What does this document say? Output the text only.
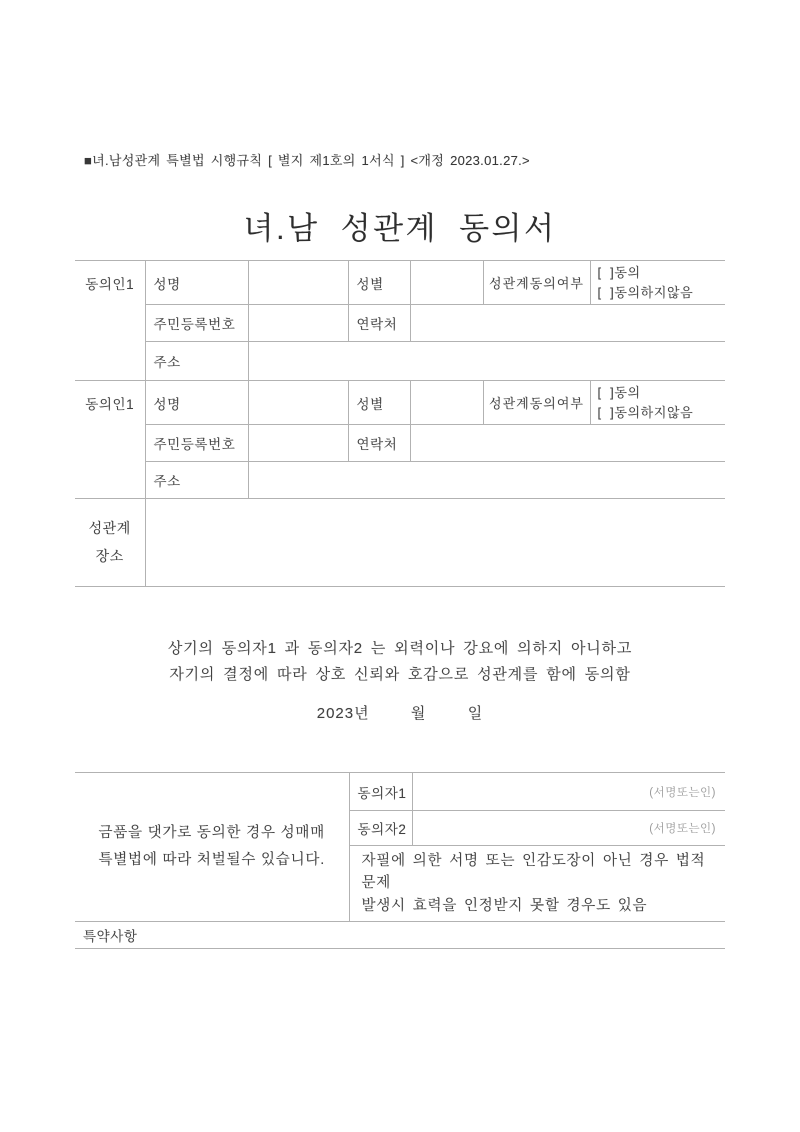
■녀.남성관계 특별법 시행규칙 [ 별지 제1호의 1서식 ] <개정 2023.01.27.>
녀.남 성관계 동의서
동의인1	성명		성별		성관계동의여부	[  ]동의
[  ]동의하지않음

	주민등록번호		연락처			
	주소					
동의인1	성명		성별		성관계동의여부	[  ]동의
[  ]동의하지않음

	주민등록번호		연락처			
	주소					

성관계
장소						

상기의 동의자1 과 동의자2 는 외력이나 강요에 의하지 아니하고
자기의 결정에 따라 상호 신뢰와 호감으로 성관계를 함에 동의함
2023년        월        일
금품을 댓가로 동의한 경우 성매매
특별법에 따라 처벌될수 있습니다.	동의자1	(서명또는인)
	동의자2	(서명또는인)

	자필에 의한 서명 또는 인감도장이 아닌 경우 법적문제
발생시 효력을 인정받지 못할 경우도 있음	

특약사항		
